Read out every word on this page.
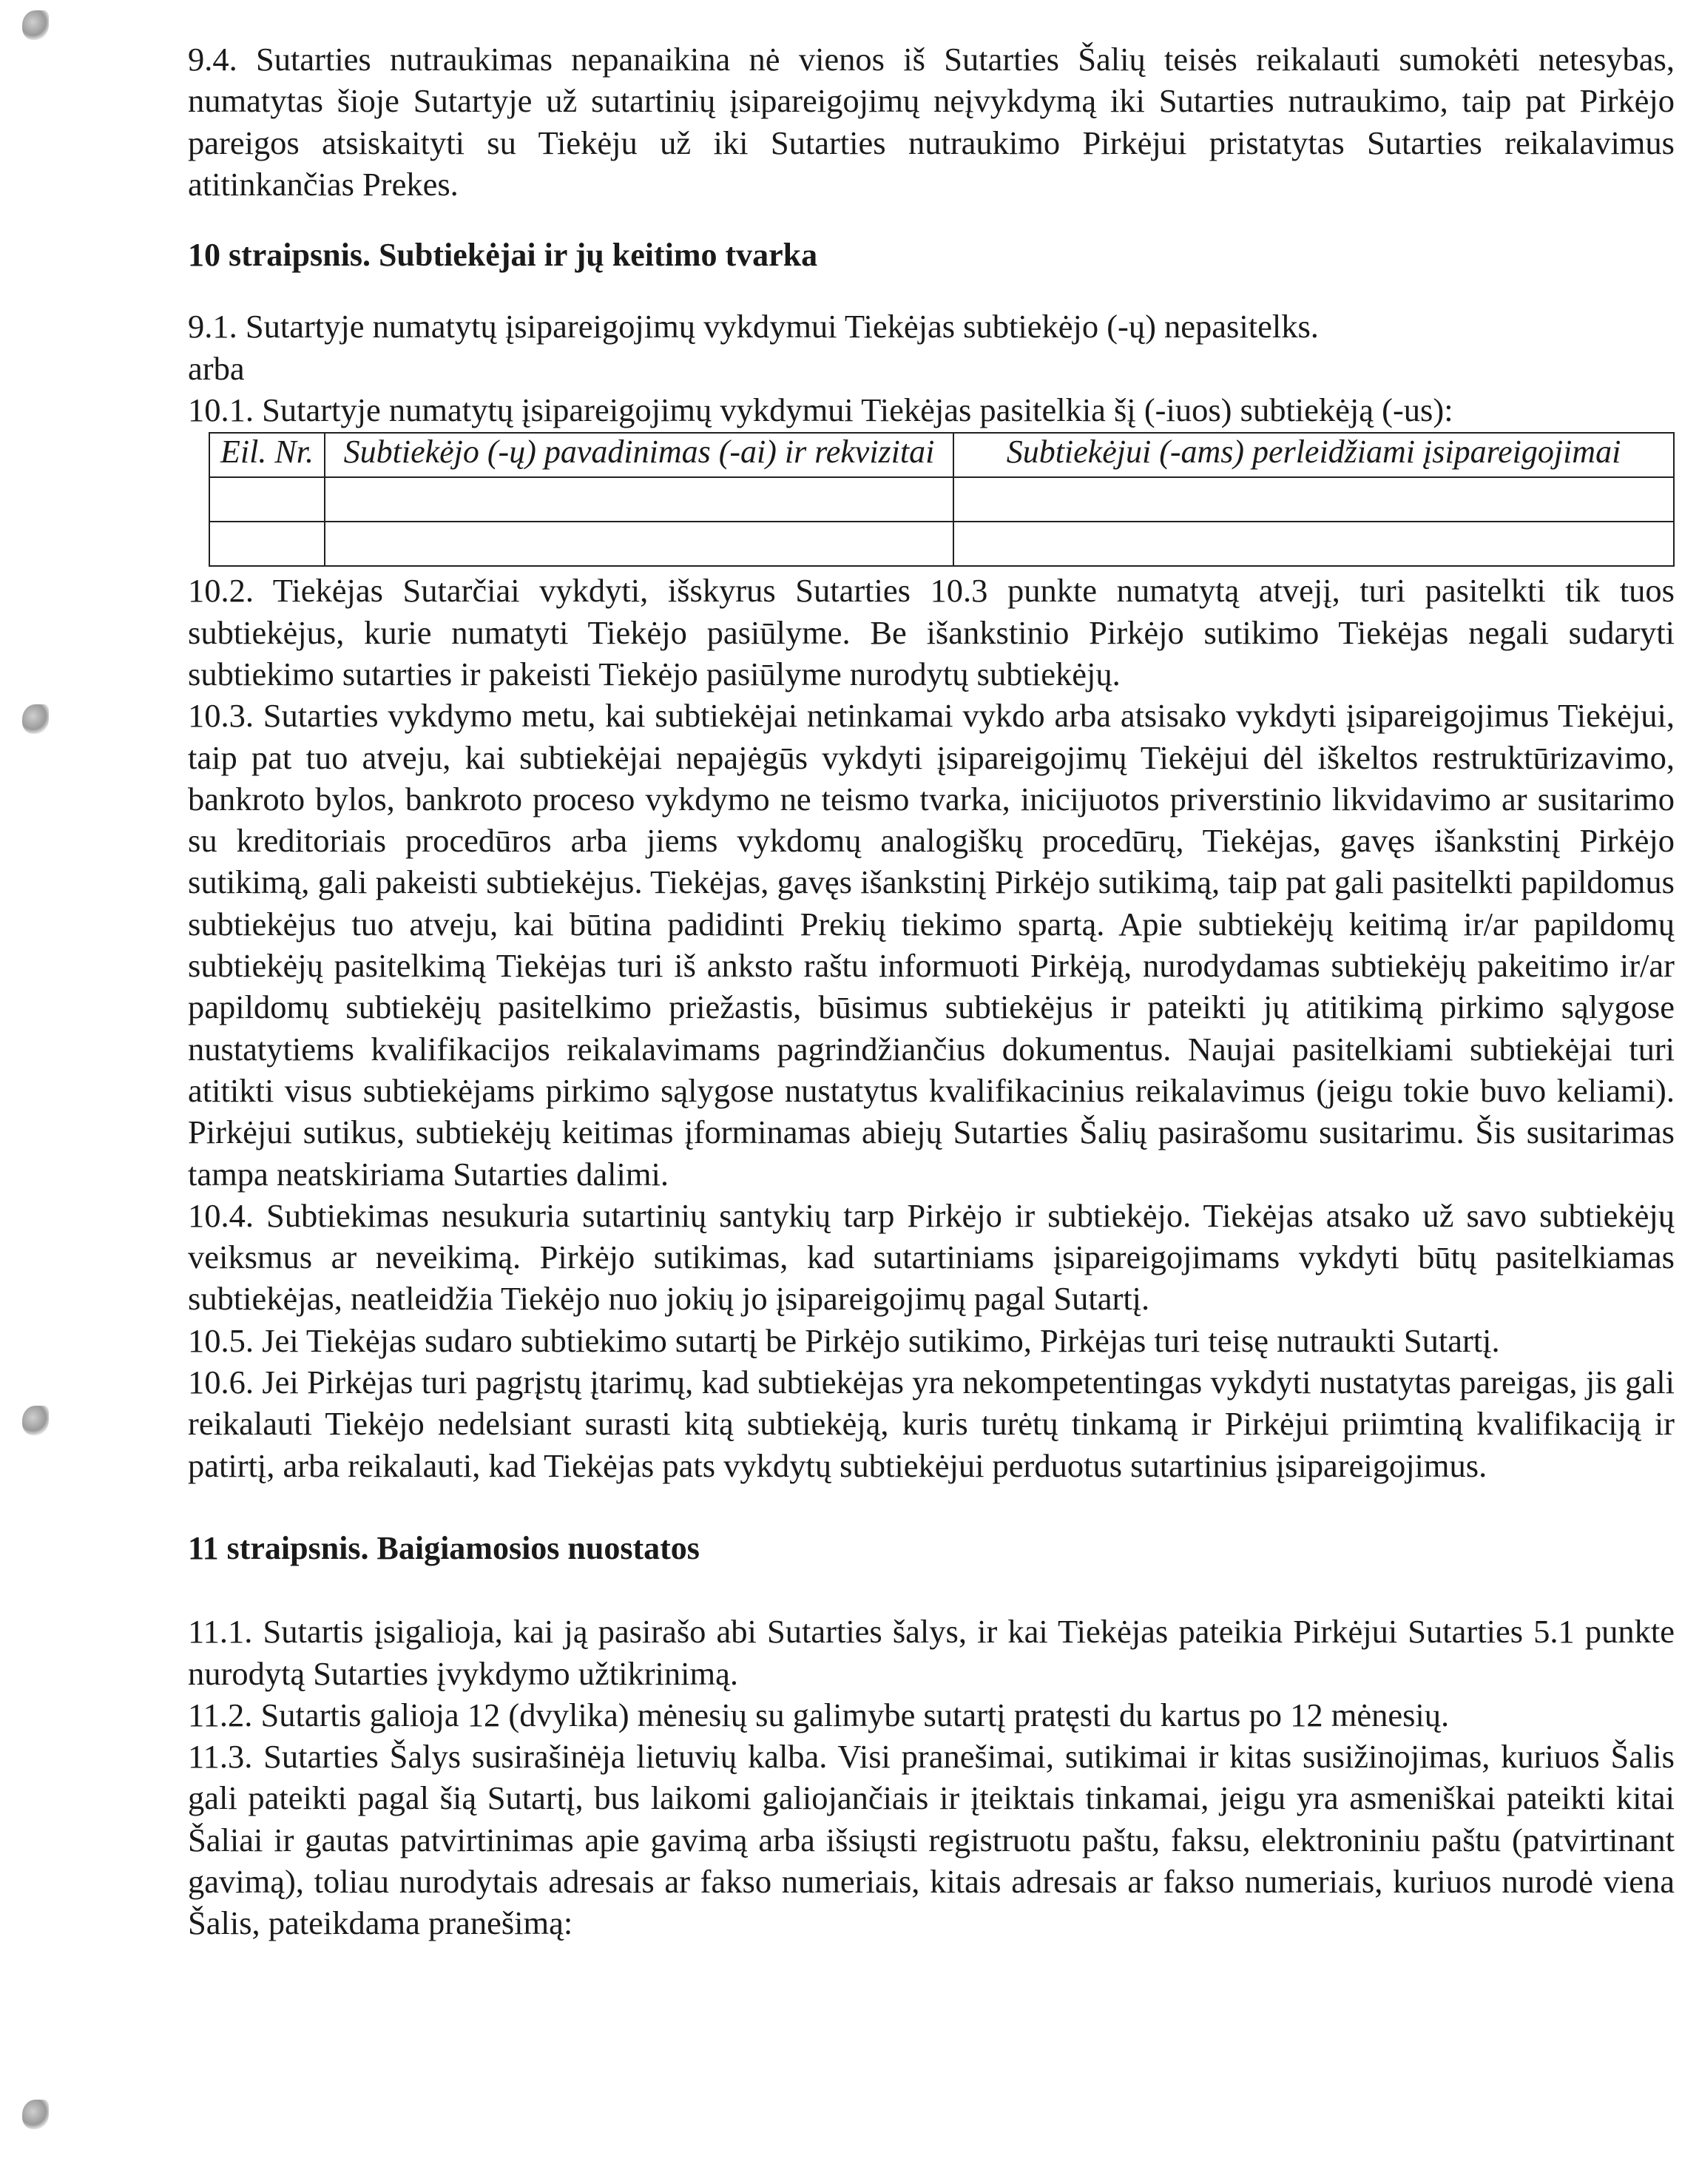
9.4. Sutarties nutraukimas nepanaikina nė vienos iš Sutarties Šalių teisės reikalauti sumokėti netesybas, numatytas šioje Sutartyje už sutartinių įsipareigojimų neįvykdymą iki Sutarties nutraukimo, taip pat Pirkėjo pareigos atsiskaityti su Tiekėju už iki Sutarties nutraukimo Pirkėjui pristatytas Sutarties reikalavimus atitinkančias Prekes.

10 straipsnis. Subtiekėjai ir jų keitimo tvarka

9.1. Sutartyje numatytų įsipareigojimų vykdymui Tiekėjas subtiekėjo (-ų) nepasitelks.

arba

10.1. Sutartyje numatytų įsipareigojimų vykdymui Tiekėjas pasitelkia šį (-iuos) subtiekėją (-us):

Eil. Nr.	Subtiekėjo (-ų) pavadinimas (-ai) ir rekvizitai	Subtiekėjui (-ams) perleidžiami įsipareigojimai

10.2. Tiekėjas Sutarčiai vykdyti, išskyrus Sutarties 10.3 punkte numatytą atvejį, turi pasitelkti tik tuos subtiekėjus, kurie numatyti Tiekėjo pasiūlyme. Be išankstinio Pirkėjo sutikimo Tiekėjas negali sudaryti subtiekimo sutarties ir pakeisti Tiekėjo pasiūlyme nurodytų subtiekėjų.

10.3. Sutarties vykdymo metu, kai subtiekėjai netinkamai vykdo arba atsisako vykdyti įsipareigojimus Tiekėjui, taip pat tuo atveju, kai subtiekėjai nepajėgūs vykdyti įsipareigojimų Tiekėjui dėl iškeltos restruktūrizavimo, bankroto bylos, bankroto proceso vykdymo ne teismo tvarka, inicijuotos priverstinio likvidavimo ar susitarimo su kreditoriais procedūros arba jiems vykdomų analogiškų procedūrų, Tiekėjas, gavęs išankstinį Pirkėjo sutikimą, gali pakeisti subtiekėjus. Tiekėjas, gavęs išankstinį Pirkėjo sutikimą, taip pat gali pasitelkti papildomus subtiekėjus tuo atveju, kai būtina padidinti Prekių tiekimo spartą. Apie subtiekėjų keitimą ir/ar papildomų subtiekėjų pasitelkimą Tiekėjas turi iš anksto raštu informuoti Pirkėją, nurodydamas subtiekėjų pakeitimo ir/ar papildomų subtiekėjų pasitelkimo priežastis, būsimus subtiekėjus ir pateikti jų atitikimą pirkimo sąlygose nustatytiems kvalifikacijos reikalavimams pagrindžiančius dokumentus. Naujai pasitelkiami subtiekėjai turi atitikti visus subtiekėjams pirkimo sąlygose nustatytus kvalifikacinius reikalavimus (jeigu tokie buvo keliami). Pirkėjui sutikus, subtiekėjų keitimas įforminamas abiejų Sutarties Šalių pasirašomu susitarimu. Šis susitarimas tampa neatskiriama Sutarties dalimi.

10.4. Subtiekimas nesukuria sutartinių santykių tarp Pirkėjo ir subtiekėjo. Tiekėjas atsako už savo subtiekėjų veiksmus ar neveikimą. Pirkėjo sutikimas, kad sutartiniams įsipareigojimams vykdyti būtų pasitelkiamas subtiekėjas, neatleidžia Tiekėjo nuo jokių jo įsipareigojimų pagal Sutartį.

10.5. Jei Tiekėjas sudaro subtiekimo sutartį be Pirkėjo sutikimo, Pirkėjas turi teisę nutraukti Sutartį.

10.6. Jei Pirkėjas turi pagrįstų įtarimų, kad subtiekėjas yra nekompetentingas vykdyti nustatytas pareigas, jis gali reikalauti Tiekėjo nedelsiant surasti kitą subtiekėją, kuris turėtų tinkamą ir Pirkėjui priimtiną kvalifikaciją ir patirtį, arba reikalauti, kad Tiekėjas pats vykdytų subtiekėjui perduotus sutartinius įsipareigojimus.

11 straipsnis. Baigiamosios nuostatos

11.1. Sutartis įsigalioja, kai ją pasirašo abi Sutarties šalys, ir kai Tiekėjas pateikia Pirkėjui Sutarties 5.1 punkte nurodytą Sutarties įvykdymo užtikrinimą.

11.2. Sutartis galioja 12 (dvylika) mėnesių su galimybe sutartį pratęsti du kartus po 12 mėnesių.

11.3. Sutarties Šalys susirašinėja lietuvių kalba. Visi pranešimai, sutikimai ir kitas susižinojimas, kuriuos Šalis gali pateikti pagal šią Sutartį, bus laikomi galiojančiais ir įteiktais tinkamai, jeigu yra asmeniškai pateikti kitai Šaliai ir gautas patvirtinimas apie gavimą arba išsiųsti registruotu paštu, faksu, elektroniniu paštu (patvirtinant gavimą), toliau nurodytais adresais ar fakso numeriais, kitais adresais ar fakso numeriais, kuriuos nurodė viena Šalis, pateikdama pranešimą:
